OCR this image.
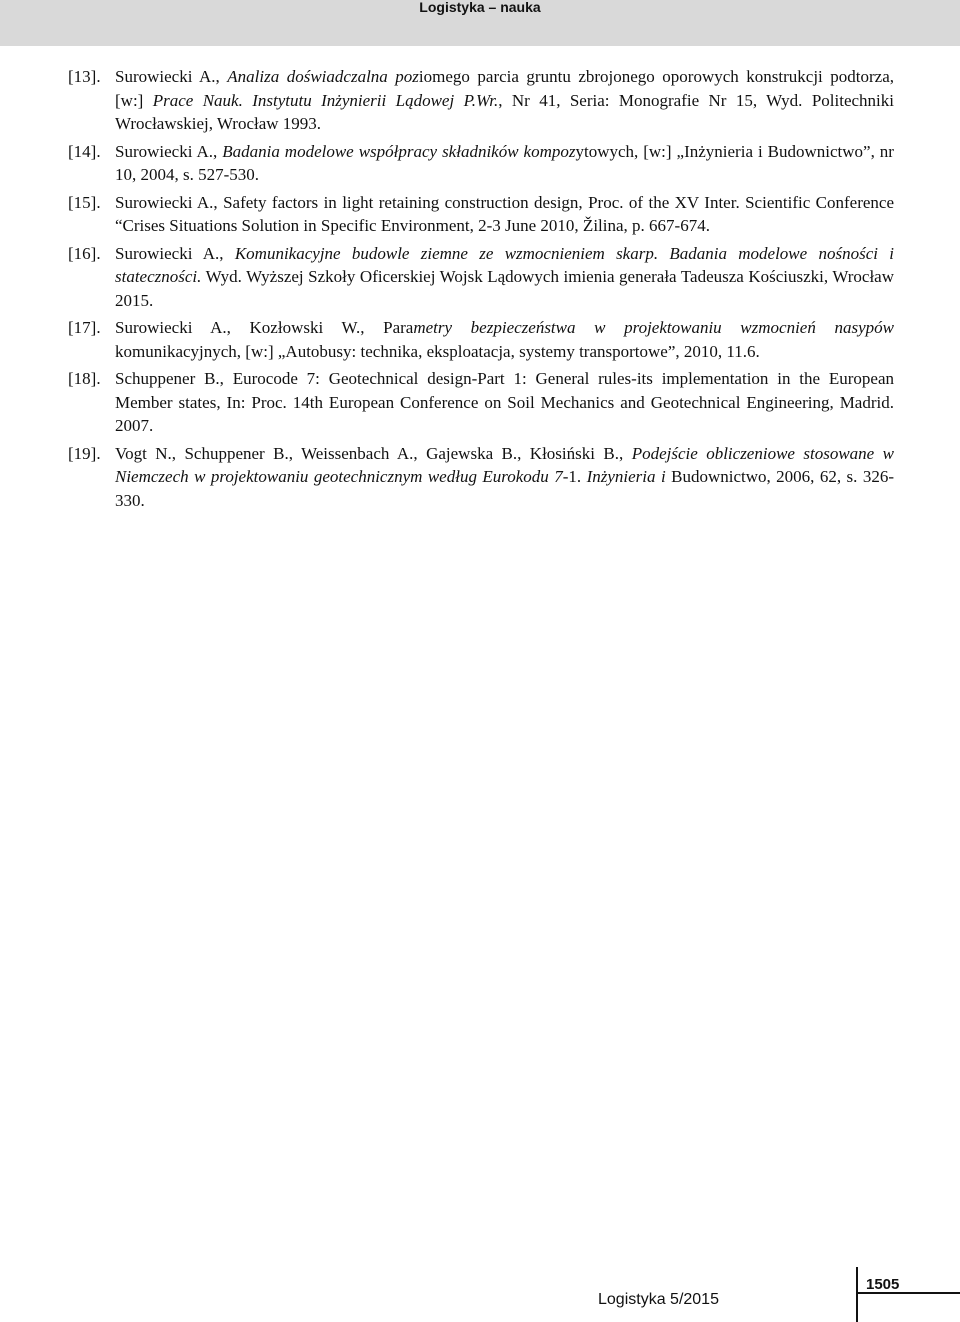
Logistyka – nauka
[13]. Surowiecki A., Analiza doświadczalna poziomego parcia gruntu zbrojonego oporowych konstrukcji podtorza, [w:] Prace Nauk. Instytutu Inżynierii Lądowej P.Wr., Nr 41, Seria: Monografie Nr 15, Wyd. Politechniki Wrocławskiej, Wrocław 1993.
[14]. Surowiecki A., Badania modelowe współpracy składników kompozytowych, [w:] „Inżynieria i Budownictwo”, nr 10, 2004, s. 527-530.
[15]. Surowiecki A., Safety factors in light retaining construction design, Proc. of the XV Inter. Scientific Conference “Crises Situations Solution in Specific Environment, 2-3 June 2010, Žilina, p. 667-674.
[16]. Surowiecki A., Komunikacyjne budowle ziemne ze wzmocnieniem skarp. Badania modelowe nośności i stateczności. Wyd. Wyższej Szkoły Oficerskiej Wojsk Lądowych imienia generała Tadeusza Kościuszki, Wrocław 2015.
[17]. Surowiecki A., Kozłowski W., Parametry bezpieczeństwa w projektowaniu wzmocnień nasypów komunikacyjnych, [w:] „Autobusy: technika, eksploatacja, systemy transportowe”, 2010, 11.6.
[18]. Schuppener B., Eurocode 7: Geotechnical design-Part 1: General rules-its implementation in the European Member states, In: Proc. 14th European Conference on Soil Mechanics and Geotechnical Engineering, Madrid. 2007.
[19]. Vogt N., Schuppener B., Weissenbach A., Gajewska B., Kłosiński B., Podejście obliczeniowe stosowane w Niemczech w projektowaniu geotechnicznym według Eurokodu 7-1. Inżynieria i Budownictwo, 2006, 62, s. 326-330.
Logistyka 5/2015
1505
